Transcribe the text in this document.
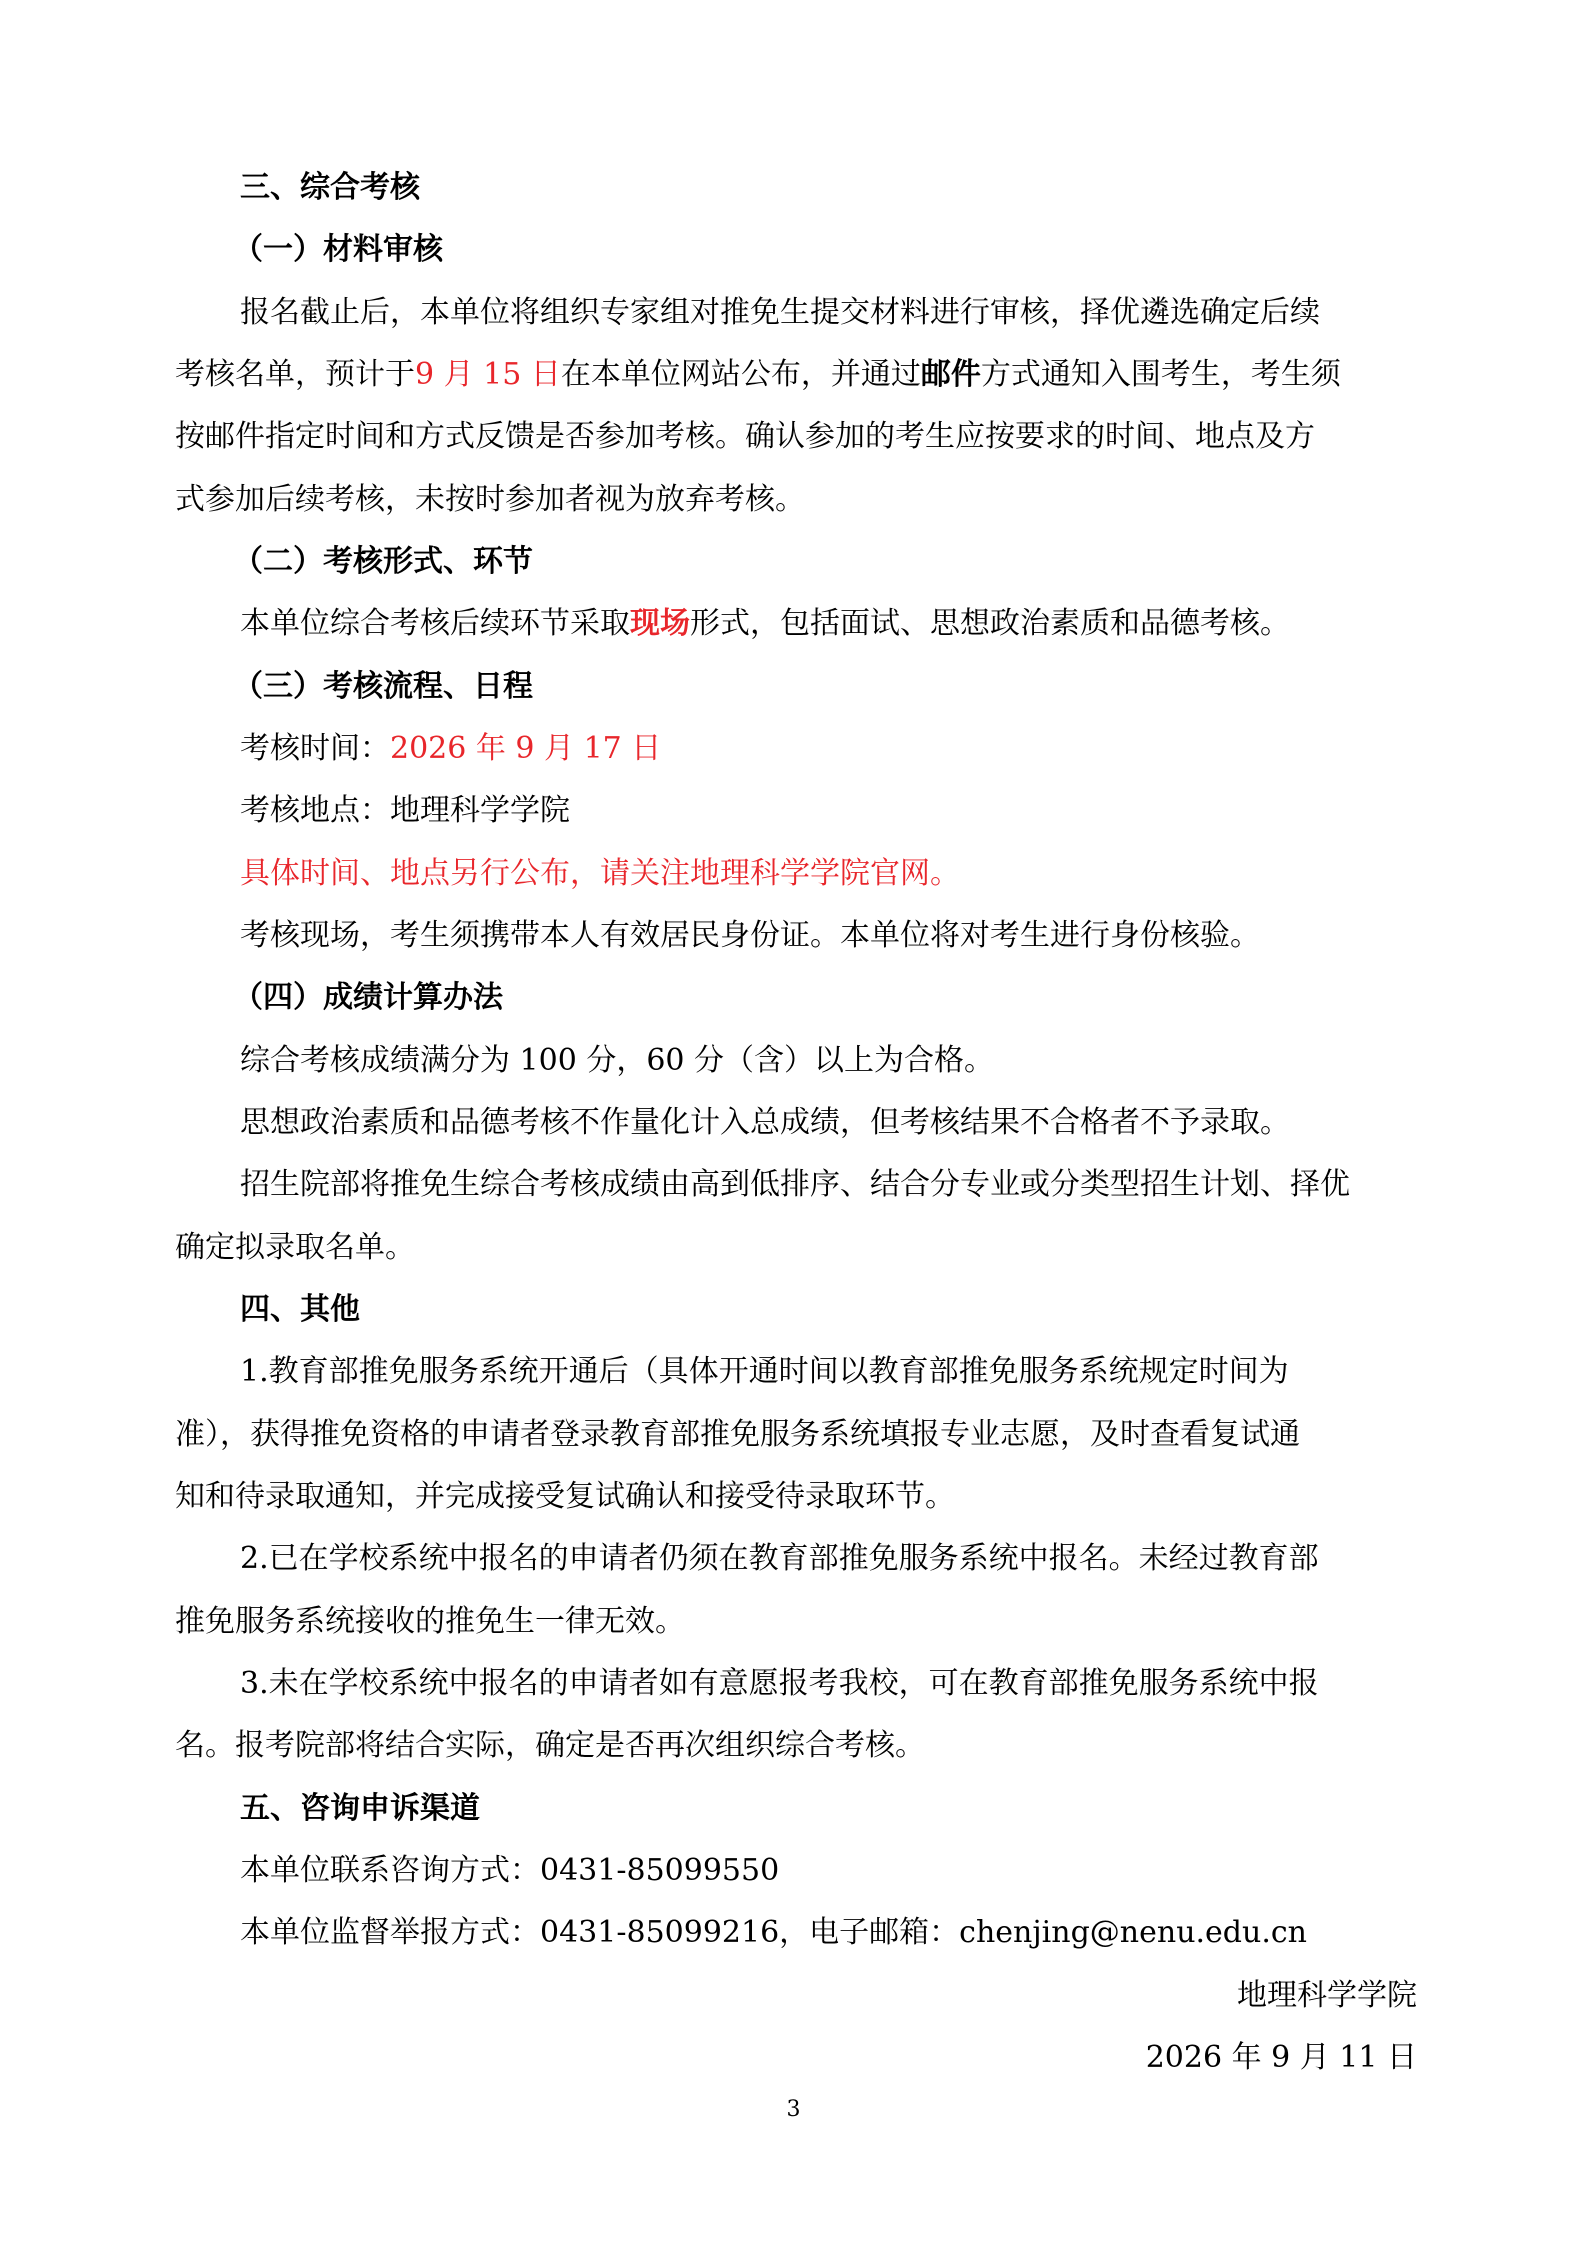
三、综合考核
（一）材料审核
报名截止后，本单位将组织专家组对推免生提交材料进行审核，择优遴选确定后续
考核名单，预计于9 月 15 日在本单位网站公布，并通过邮件方式通知入围考生，考生须
按邮件指定时间和方式反馈是否参加考核。确认参加的考生应按要求的时间、地点及方
式参加后续考核，未按时参加者视为放弃考核。
（二）考核形式、环节
本单位综合考核后续环节采取现场形式，包括面试、思想政治素质和品德考核。
（三）考核流程、日程
考核时间：2026 年 9 月 17 日
考核地点：地理科学学院
具体时间、地点另行公布，请关注地理科学学院官网。
考核现场，考生须携带本人有效居民身份证。本单位将对考生进行身份核验。
（四）成绩计算办法
综合考核成绩满分为 100 分，60 分（含）以上为合格。
思想政治素质和品德考核不作量化计入总成绩，但考核结果不合格者不予录取。
招生院部将推免生综合考核成绩由高到低排序、结合分专业或分类型招生计划、择优
确定拟录取名单。
四、其他
1.教育部推免服务系统开通后（具体开通时间以教育部推免服务系统规定时间为
准），获得推免资格的申请者登录教育部推免服务系统填报专业志愿，及时查看复试通
知和待录取通知，并完成接受复试确认和接受待录取环节。
2.已在学校系统中报名的申请者仍须在教育部推免服务系统中报名。未经过教育部
推免服务系统接收的推免生一律无效。
3.未在学校系统中报名的申请者如有意愿报考我校，可在教育部推免服务系统中报
名。报考院部将结合实际，确定是否再次组织综合考核。
五、咨询申诉渠道
本单位联系咨询方式：0431-85099550
本单位监督举报方式：0431-85099216，电子邮箱：chenjing@nenu.edu.cn
地理科学学院
2026 年 9 月 11 日
3
